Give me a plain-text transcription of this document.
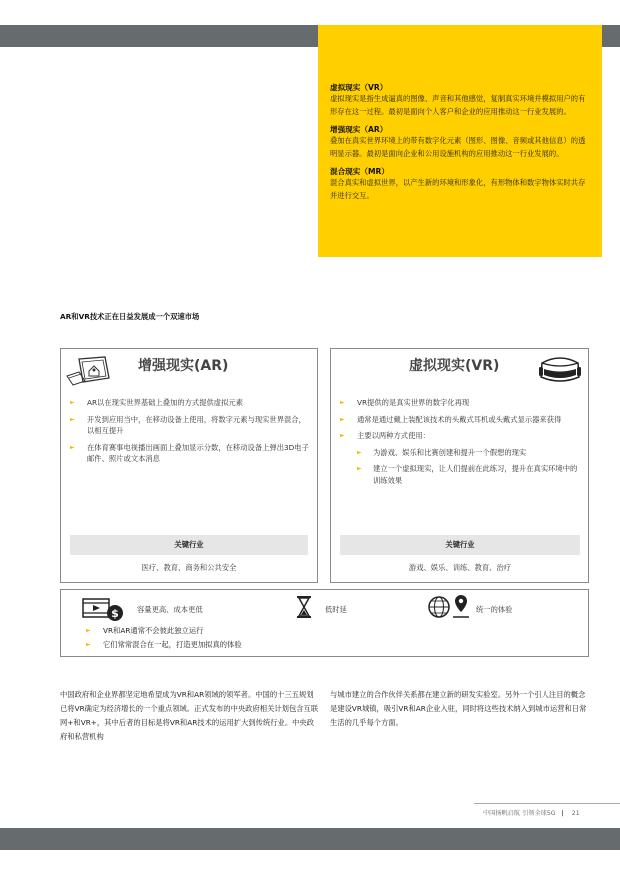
虚拟现实（VR）

虚拟现实是指生成逼真的图像、声音和其他感觉，复制真实环境并模拟用户的有形存在这一过程。最初是面向个人客户和企业的应用推动这一行业发展的。

增强现实（AR）

叠加在真实世界环境上的带有数字化元素（图形、图像、音频或其他信息）的透明显示器。最初是面向企业和公用设施机构的应用推动这一行业发展的。

混合现实（MR）

混合真实和虚拟世界，以产生新的环境和形象化，有形物体和数字物体实时共存并进行交互。

AR和VR技术正在日益发展成一个双速市场
增强现实(AR)
► AR以在现实世界基础上叠加的方式提供虚拟元素
► 开发到应用当中，在移动设备上使用，将数字元素与现实世界混合，以相互提升
► 在体育赛事电视播出画面上叠加显示分数，在移动设备上弹出3D电子邮件、照片或文本消息
关键行业
医疗、教育、商务和公共安全
虚拟现实(VR)
► VR提供的是真实世界的数字化再现
► 通常是通过戴上装配该技术的头戴式耳机或头戴式显示器来获得
► 主要以两种方式使用：
► 为游戏、娱乐和比赛创建和提升一个假想的现实
► 建立一个虚拟现实，让人们提前在此练习，提升在真实环境中的训练效果
关键行业
游戏、娱乐、训练、教育、治疗
$ 容量更高、成本更低	低时延	统一的体验
► VR和AR通常不会彼此独立运行
► 它们常常混合在一起，打造更加拟真的体验
中国政府和企业界都坚定地希望成为VR和AR领域的领军者。中国的十三五规划已将VR确定为经济增长的一个重点领域。正式发布的中央政府相关计划包含互联网+和VR+，其中后者的目标是将VR和AR技术的运用扩大到传统行业。中央政府和私营机构
与城市建立的合作伙伴关系都在建立新的研发实验室。另外一个引人注目的概念是建设VR城镇，吸引VR和AR企业入驻，同时将这些技术纳入到城市运营和日常生活的几乎每个方面。
中国扬帆启航 引领全球5G | 21
